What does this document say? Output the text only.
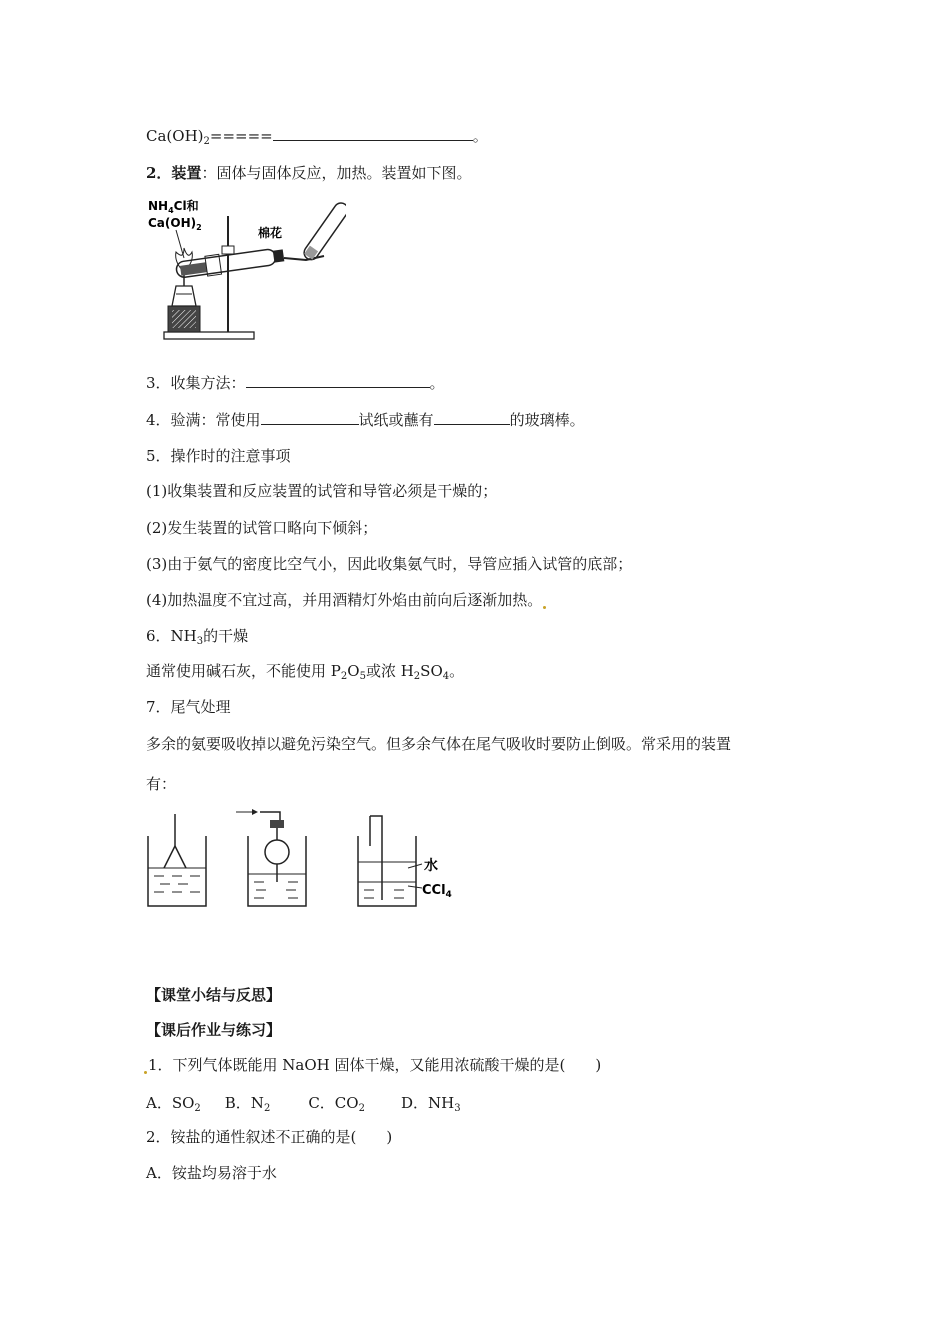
$Ca(OH)_2=====$	。
2．装置：固体与固体反应，加热。装置如下图。
$NH_4Cl$和
$Ca(OH)_2$	棉花
3．收集方法：	。
4．验满：常使用	试纸或蘸有	的玻璃棒。
5．操作时的注意事项
(1)收集装置和反应装置的试管和导管必须是干燥的；
(2)发生装置的试管口略向下倾斜；
(3)由于氨气的密度比空气小，因此收集氨气时，导管应插入试管的底部；
(4)加热温度不宜过高，并用酒精灯外焰由前向后逐渐加热。
6．$NH_3$的干燥
通常使用碱石灰，不能使用 $P_2O_5$或浓 $H_2SO_4$。
7．尾气处理
多余的氨要吸收掉以避免污染空气。但多余气体在尾气吸收时要防止倒吸。常采用的装置
有：
水
CCl$_4$
【课堂小结与反思】
【课后作业与练习】
1．下列气体既能用 NaOH 固体干燥，又能用浓硫酸干燥的是(　　)
A．$SO_2$ B．$N_2$	C．$CO_2$ D．$NH_3$
2．铵盐的通性叙述不正确的是(　　)
A．铵盐均易溶于水
